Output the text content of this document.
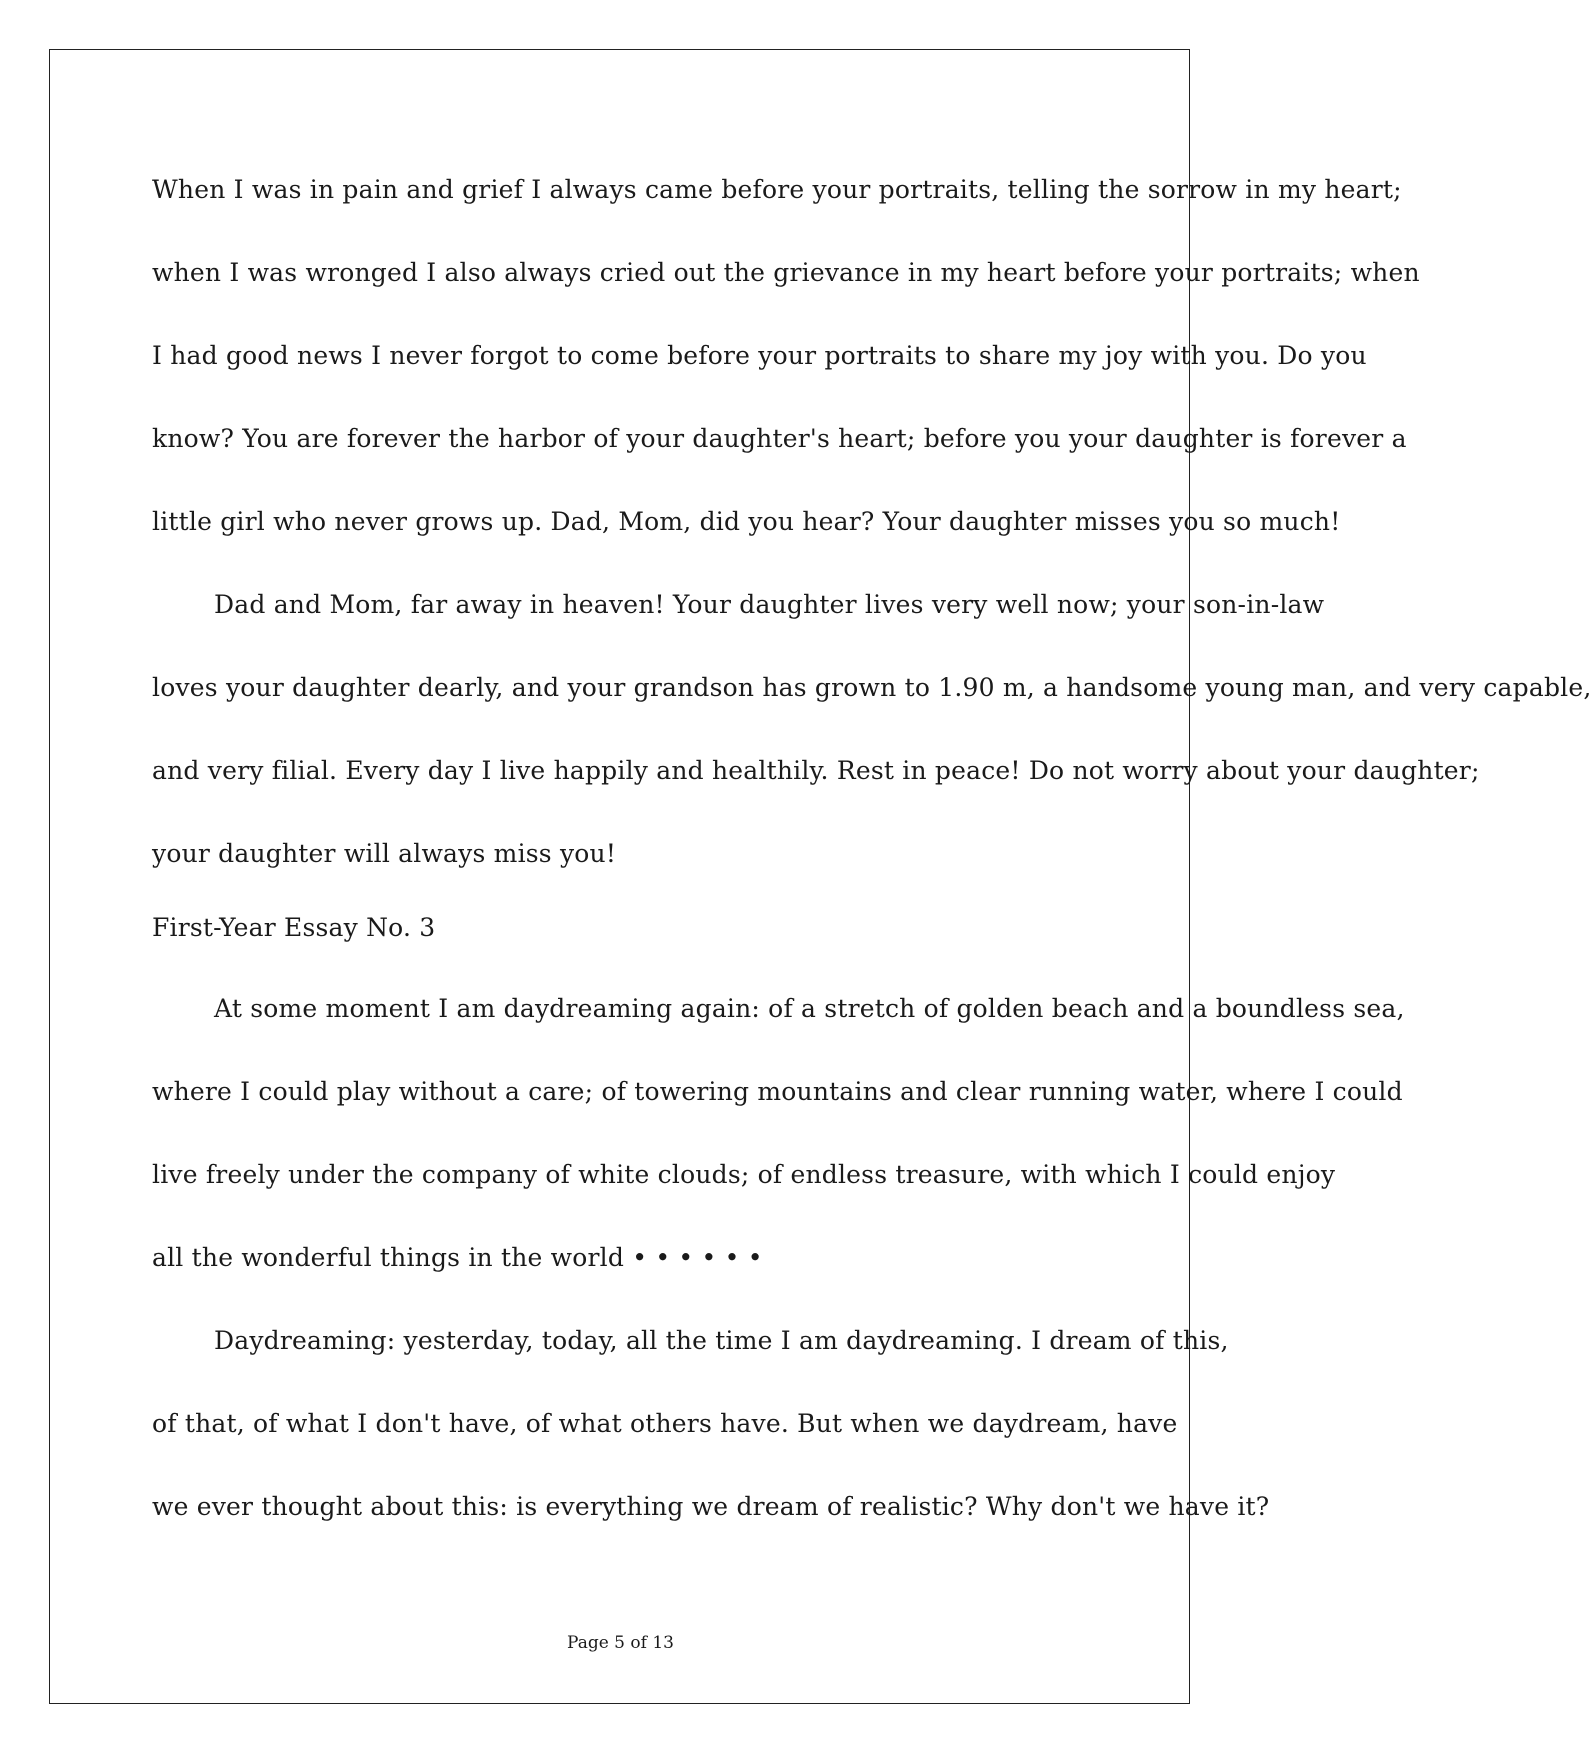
When I was in pain and grief I always came before your portraits, telling the sorrow in my heart;
when I was wronged I also always cried out the grievance in my heart before your portraits; when
I had good news I never forgot to come before your portraits to share my joy with you. Do you
know? You are forever the harbor of your daughter's heart; before you your daughter is forever a
little girl who never grows up. Dad, Mom, did you hear? Your daughter misses you so much!
Dad and Mom, far away in heaven! Your daughter lives very well now; your son-in-law
loves your daughter dearly, and your grandson has grown to 1.90 m, a handsome young man, and very capable,
and very filial. Every day I live happily and healthily. Rest in peace! Do not worry about your daughter;
your daughter will always miss you!
First-Year Essay No. 3
At some moment I am daydreaming again: of a stretch of golden beach and a boundless sea,
where I could play without a care; of towering mountains and clear running water, where I could
live freely under the company of white clouds; of endless treasure, with which I could enjoy
all the wonderful things in the world • • • • • •
Daydreaming: yesterday, today, all the time I am daydreaming. I dream of this,
of that, of what I don't have, of what others have. But when we daydream, have
we ever thought about this: is everything we dream of realistic? Why don't we have it?
Page 5 of 13
